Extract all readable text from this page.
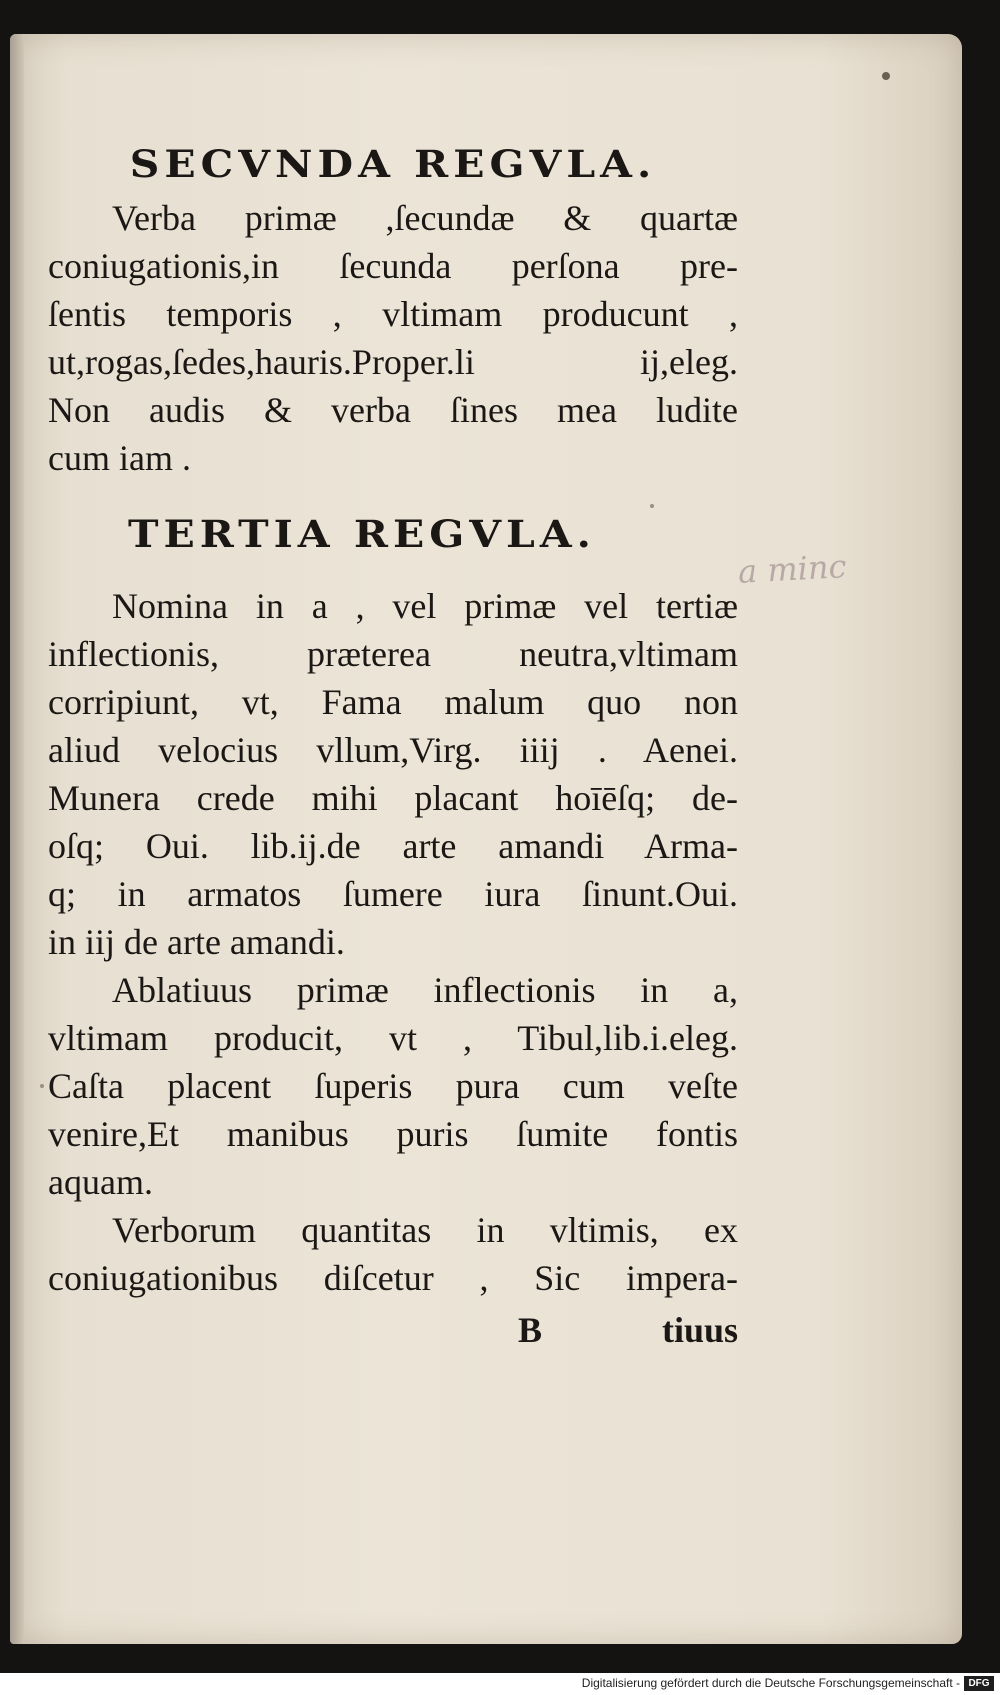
SECVNDA REGVLA.
Verba primæ ,ſecundæ & quartæ
coniugationis,in ſecunda perſona pre-
ſentis temporis , vltimam producunt ,
ut,rogas,ſedes,hauris.Proper.li ij,eleg.
Non audis & verba ſines mea ludite
cum iam .
TERTIA REGVLA.
Nomina in a , vel primæ vel tertiæ
inflectionis, præterea neutra,vltimam
corripiunt, vt, Fama malum quo non
aliud velocius vllum,Virg. iiij . Aenei.
Munera crede mihi placant hoīēſq; de-
oſq; Oui. lib.ij.de arte amandi Arma-
q; in armatos ſumere iura ſinunt.Oui.
in iij de arte amandi.
Ablatiuus primæ inflectionis in a,
vltimam producit, vt , Tibul,lib.i.eleg.
Caſta placent ſuperis pura cum veſte
venire,Et manibus puris ſumite fontis
aquam.
Verborum quantitas in vltimis, ex
coniugationibus diſcetur , Sic impera-
B	tiuus
a minc
Digitalisierung gefördert durch die Deutsche Forschungsgemeinschaft - DFG
